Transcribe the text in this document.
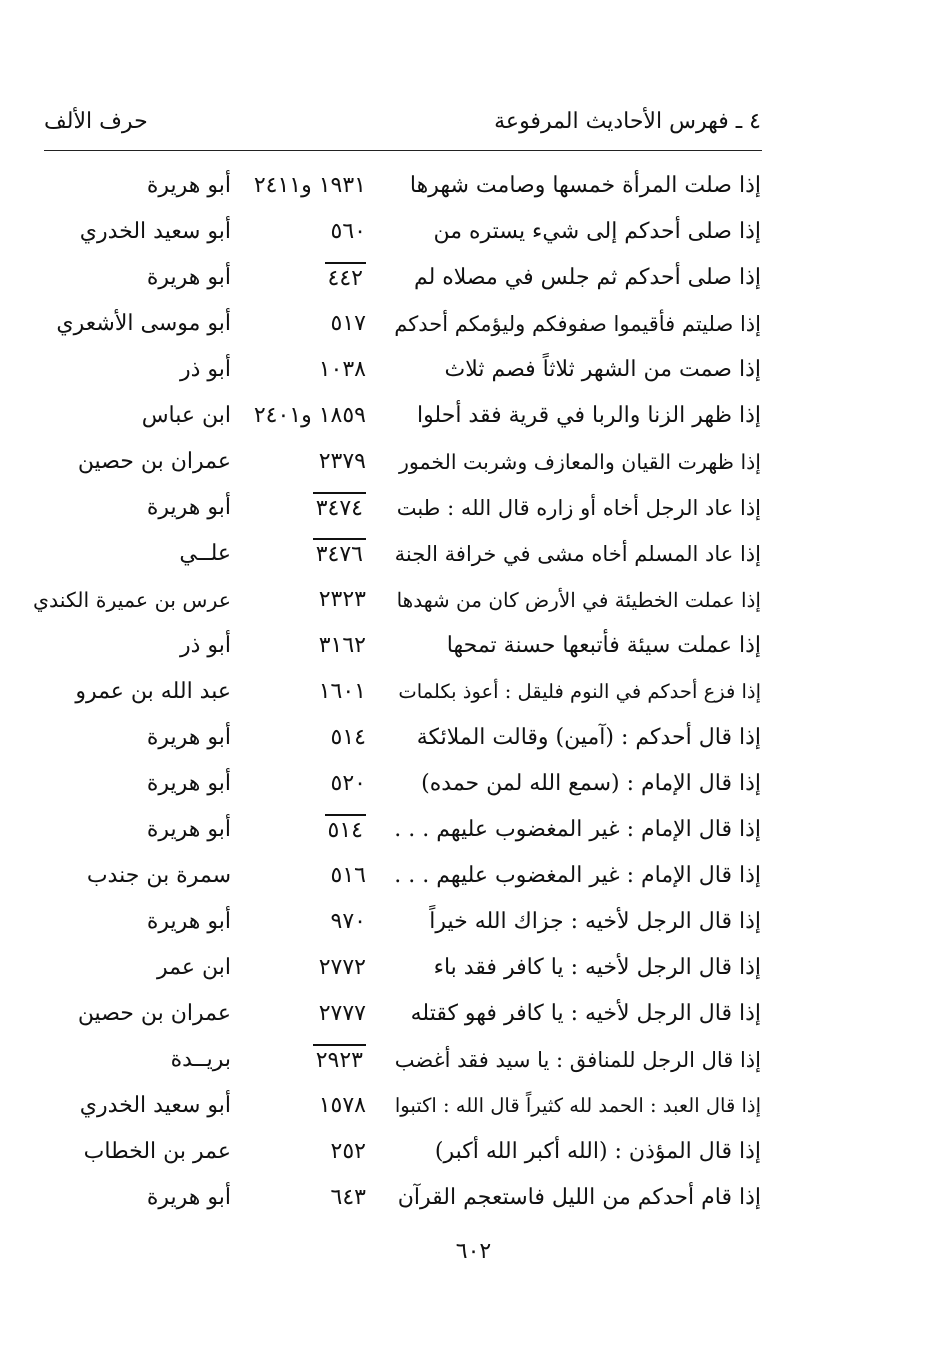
٤ ـ فهرس الأحاديث المرفوعة
حرف الألف
إذا صلت المرأة خمسها وصامت شهرها
١٩٣١ و٢٤١١
أبو هريرة
إذا صلى أحدكم إلى شيء يستره من
٥٦٠
أبو سعيد الخدري
إذا صلى أحدكم ثم جلس في مصلاه لم
٤٤٢
أبو هريرة
إذا صليتم فأقيموا صفوفكم وليؤمكم أحدكم
٥١٧
أبو موسى الأشعري
إذا صمت من الشهر ثلاثاً فصم ثلاث
١٠٣٨
أبو ذر
إذا ظهر الزنا والربا في قرية فقد أحلوا
١٨٥٩ و٢٤٠١
ابن عباس
إذا ظهرت القيان والمعازف وشربت الخمور
٢٣٧٩
عمران بن حصين
إذا عاد الرجل أخاه أو زاره قال الله : طبت
٣٤٧٤
أبو هريرة
إذا عاد المسلم أخاه مشى في خرافة الجنة
٣٤٧٦
علــي
إذا عملت الخطيئة في الأرض كان من شهدها
٢٣٢٣
عرس بن عميرة الكندي
إذا عملت سيئة فأتبعها حسنة تمحها
٣١٦٢
أبو ذر
إذا فزع أحدكم في النوم فليقل : أعوذ بكلمات
١٦٠١
عبد الله بن عمرو
إذا قال أحدكم : (آمين) وقالت الملائكة
٥١٤
أبو هريرة
إذا قال الإمام : (سمع الله لمن حمده)
٥٢٠
أبو هريرة
إذا قال الإمام : غير المغضوب عليهم . . .
٥١٤
أبو هريرة
إذا قال الإمام : غير المغضوب عليهم . . .
٥١٦
سمرة بن جندب
إذا قال الرجل لأخيه : جزاك الله خيراً
٩٧٠
أبو هريرة
إذا قال الرجل لأخيه : يا كافر فقد باء
٢٧٧٢
ابن عمر
إذا قال الرجل لأخيه : يا كافر فهو كقتله
٢٧٧٧
عمران بن حصين
إذا قال الرجل للمنافق : يا سيد فقد أغضب
٢٩٢٣
بريــدة
إذا قال العبد : الحمد لله كثيراً قال الله : اكتبوا
١٥٧٨
أبو سعيد الخدري
إذا قال المؤذن : (الله أكبر الله أكبر)
٢٥٢
عمر بن الخطاب
إذا قام أحدكم من الليل فاستعجم القرآن
٦٤٣
أبو هريرة
٦٠٢
